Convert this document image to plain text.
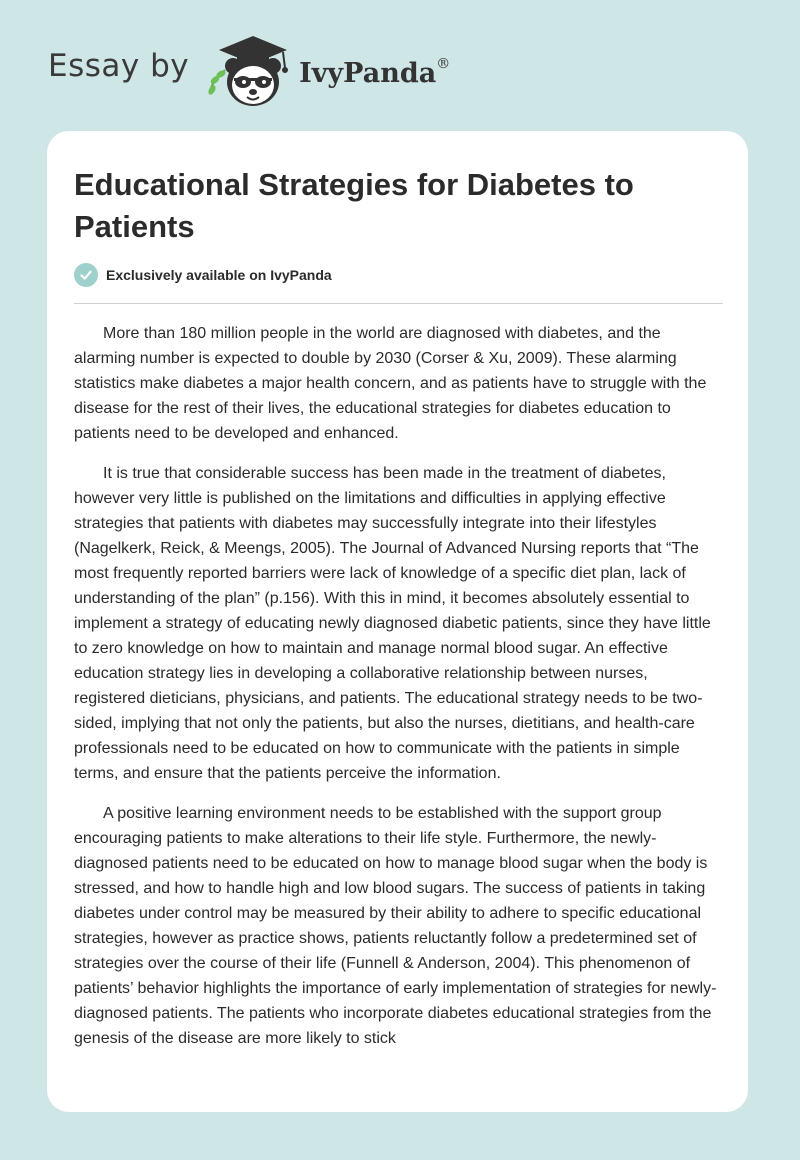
Essay by	IvyPanda®
Educational Strategies for Diabetes to Patients
Exclusively available on IvyPanda

More than 180 million people in the world are diagnosed with diabetes, and the alarming number is expected to double by 2030 (Corser & Xu, 2009). These alarming statistics make diabetes a major health concern, and as patients have to struggle with the disease for the rest of their lives, the educational strategies for diabetes education to patients need to be developed and enhanced.

It is true that considerable success has been made in the treatment of diabetes, however very little is published on the limitations and difficulties in applying effective strategies that patients with diabetes may successfully integrate into their lifestyles (Nagelkerk, Reick, & Meengs, 2005). The Journal of Advanced Nursing reports that “The most frequently reported barriers were lack of knowledge of a specific diet plan, lack of understanding of the plan” (p.156). With this in mind, it becomes absolutely essential to implement a strategy of educating newly diagnosed diabetic patients, since they have little to zero knowledge on how to maintain and manage normal blood sugar. An effective education strategy lies in developing a collaborative relationship between nurses, registered dieticians, physicians, and patients. The educational strategy needs to be two-sided, implying that not only the patients, but also the nurses, dietitians, and health-care professionals need to be educated on how to communicate with the patients in simple terms, and ensure that the patients perceive the information.

A positive learning environment needs to be established with the support group encouraging patients to make alterations to their life style. Furthermore, the newly-diagnosed patients need to be educated on how to manage blood sugar when the body is stressed, and how to handle high and low blood sugars. The success of patients in taking diabetes under control may be measured by their ability to adhere to specific educational strategies, however as practice shows, patients reluctantly follow a predetermined set of strategies over the course of their life (Funnell & Anderson, 2004). This phenomenon of patients’ behavior highlights the importance of early implementation of strategies for newly-diagnosed patients. The patients who incorporate diabetes educational strategies from the genesis of the disease are more likely to stick
